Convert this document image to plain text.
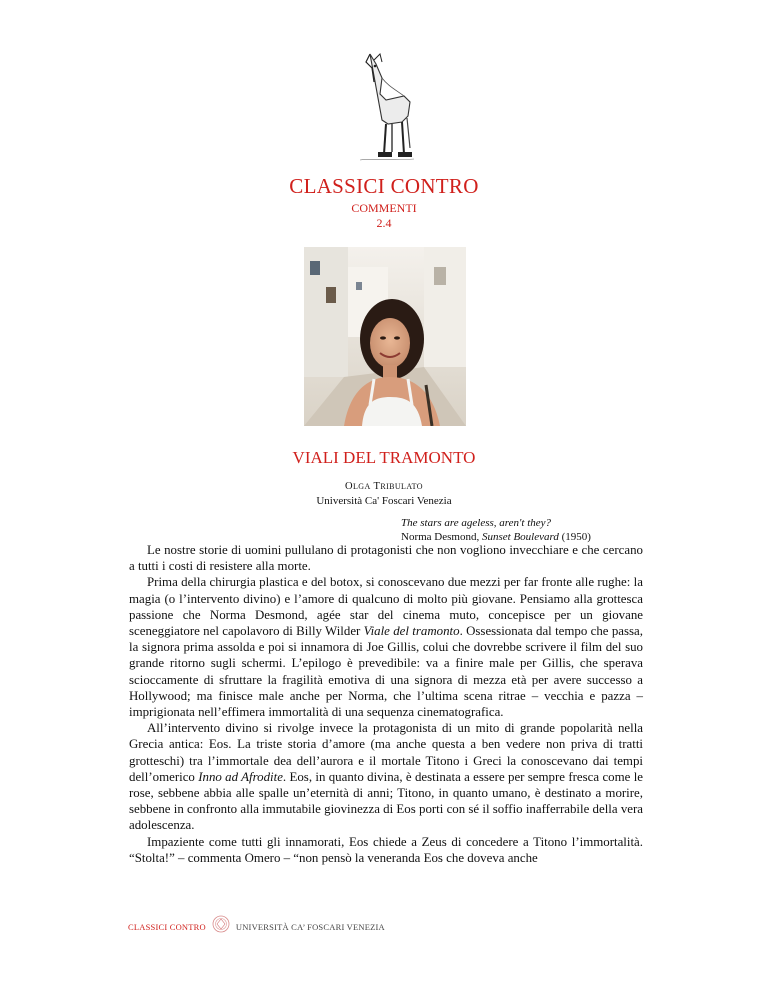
CLASSICI CONTRO
COMMENTI
2.4
VIALI DEL TRAMONTO
OLGA TRIBULATO
Università Ca' Foscari Venezia
The stars are ageless, aren't they?
Norma Desmond, Sunset Boulevard (1950)

Le nostre storie di uomini pullulano di protagonisti che non vogliono invecchiare e che cercano a tutti i costi di resistere alla morte.

Prima della chirurgia plastica e del botox, si conoscevano due mezzi per far fronte alle rughe: la magia (o l’intervento divino) e l’amore di qualcuno di molto più giovane. Pensiamo alla grottesca passione che Norma Desmond, agée star del cinema muto, concepisce per un giovane sceneggiatore nel capolavoro di Billy Wilder Viale del tramonto. Ossessionata dal tempo che passa, la signora prima assolda e poi si innamora di Joe Gillis, colui che dovrebbe scrivere il film del suo grande ritorno sugli schermi. L’epilogo è prevedibile: va a finire male per Gillis, che sperava scioccamente di sfruttare la fragilità emotiva di una signora di mezza età per avere successo a Hollywood; ma finisce male anche per Norma, che l’ultima scena ritrae – vecchia e pazza – imprigionata nell’effimera immortalità di una sequenza cinematografica.

All’intervento divino si rivolge invece la protagonista di un mito di grande popolarità nella Grecia antica: Eos. La triste storia d’amore (ma anche questa a ben vedere non priva di tratti grotteschi) tra l’immortale dea dell’aurora e il mortale Titono i Greci la conoscevano dai tempi dell’omerico Inno ad Afrodite. Eos, in quanto divina, è destinata a essere per sempre fresca come le rose, sebbene abbia alle spalle un’eternità di anni; Titono, in quanto umano, è destinato a morire, sebbene in confronto alla immutabile giovinezza di Eos porti con sé il soffio inafferrabile della vera adolescenza.

Impaziente come tutti gli innamorati, Eos chiede a Zeus di concedere a Titono l’immortalità. “Stolta!” – commenta Omero – “non pensò la veneranda Eos che doveva anche

CLASSICI CONTRO	UNIVERSITÀ CA’ FOSCARI VENEZIA
